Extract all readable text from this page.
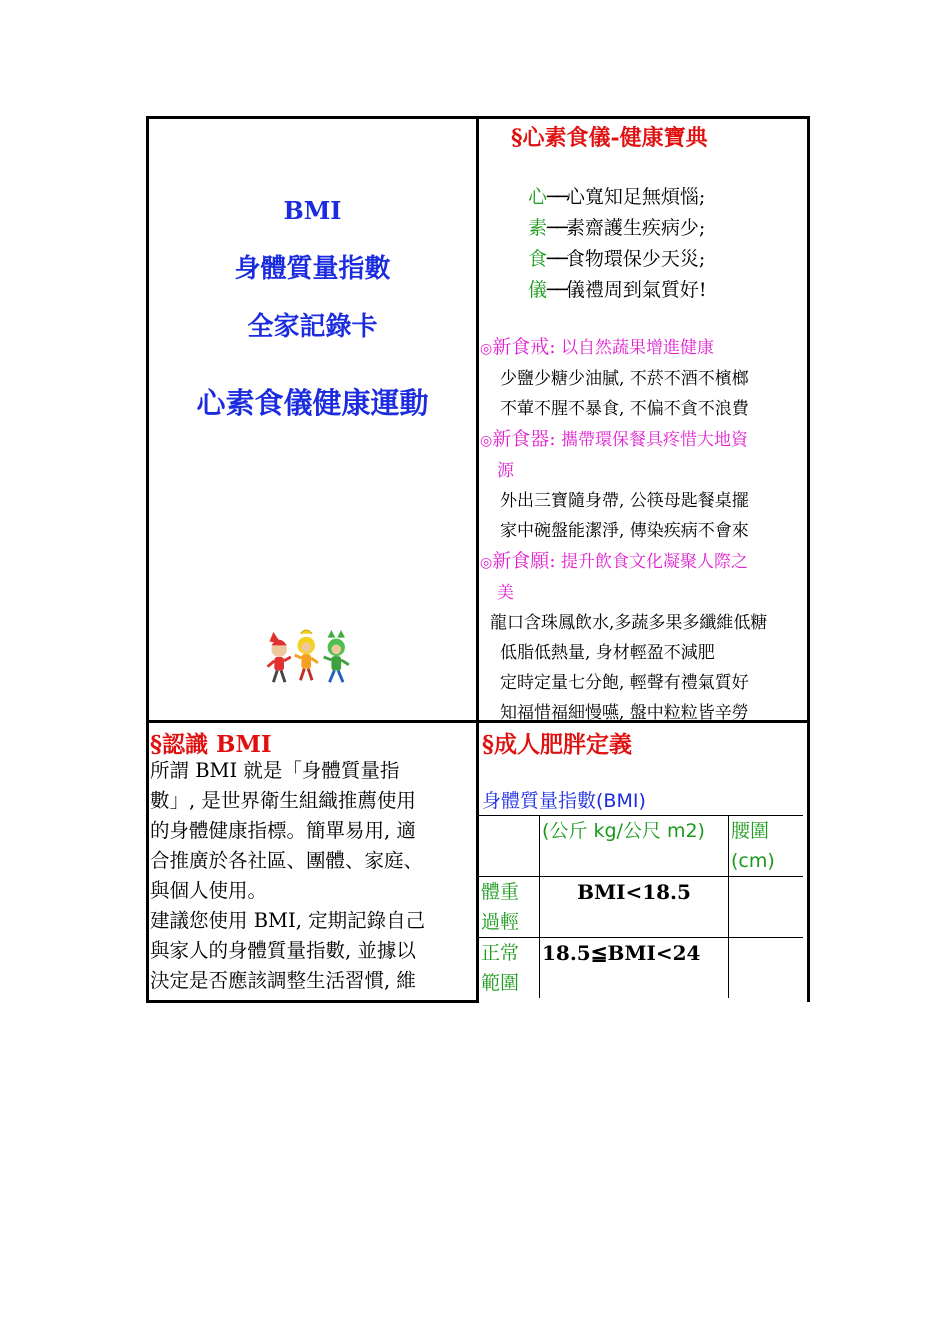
BMI
身體質量指數
全家記錄卡
心素食儀健康運動
§心素食儀-健康寶典
心──心寬知足無煩惱;
素──素齋護生疾病少;
食──食物環保少天災;
儀──儀禮周到氣質好!
◎新食戒: 以自然蔬果增進健康
少鹽少糖少油膩, 不菸不酒不檳榔
不葷不腥不暴食, 不偏不貪不浪費
◎新食器: 攜帶環保餐具疼惜大地資
源
外出三寶隨身帶, 公筷母匙餐桌擺
家中碗盤能潔淨, 傳染疾病不會來
◎新食願: 提升飲食文化凝聚人際之
美
龍口含珠鳳飲水,多蔬多果多纖維低糖
低脂低熱量, 身材輕盈不減肥
定時定量七分飽, 輕聲有禮氣質好
知福惜福細慢嚥, 盤中粒粒皆辛勞
§認識 BMI
所謂 BMI 就是「身體質量指
數」, 是世界衛生組織推薦使用
的身體健康指標。簡單易用, 適
合推廣於各社區、團體、家庭、
與個人使用。
建議您使用 BMI, 定期記錄自己
與家人的身體質量指數, 並據以
決定是否應該調整生活習慣, 維
§成人肥胖定義
身體質量指數(BMI)
	(公斤 kg/公尺 m2)	腰圍(cm)
體重過輕	BMI<18.5	
正常範圍	18.5≦BMI<24	
